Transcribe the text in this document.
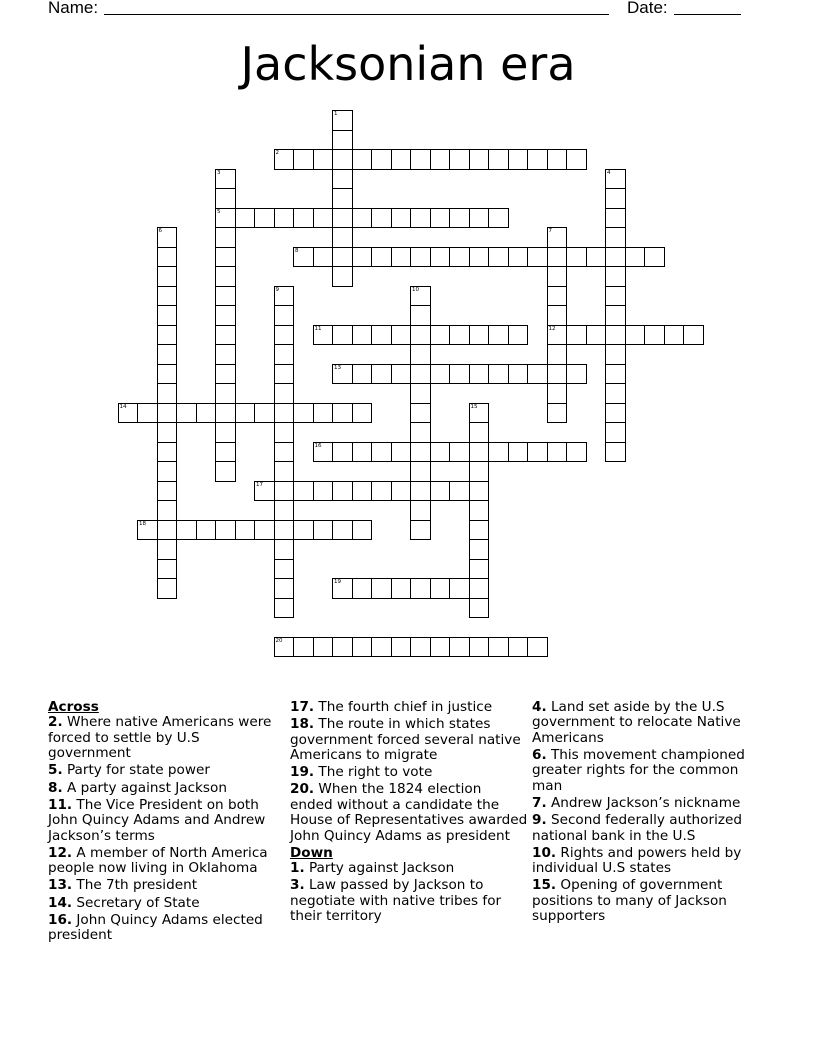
Name:	Date:
Jacksonian era
1
2
3
5
4
6	7
12
8
9	10
11
13
14	15
16
17
18
19
20
Across
2. Where native Americans were forced to settle by U.S government
5. Party for state power
8. A party against Jackson
11. The Vice President on both John Quincy Adams and Andrew Jackson’s terms
12. A member of North America people now living in Oklahoma
13. The 7th president
14. Secretary of State
16. John Quincy Adams elected president
17. The fourth chief in justice
18. The route in which states government forced several native Americans to migrate
19. The right to vote
20. When the 1824 election ended without a candidate the House of Representatives awarded John Quincy Adams as president
Down
1. Party against Jackson
3. Law passed by Jackson to negotiate with native tribes for their territory
4. Land set aside by the U.S government to relocate Native Americans
6. This movement championed greater rights for the common man
7. Andrew Jackson’s nickname
9. Second federally authorized national bank in the U.S
10. Rights and powers held by individual U.S states
15. Opening of government positions to many of Jackson supporters
